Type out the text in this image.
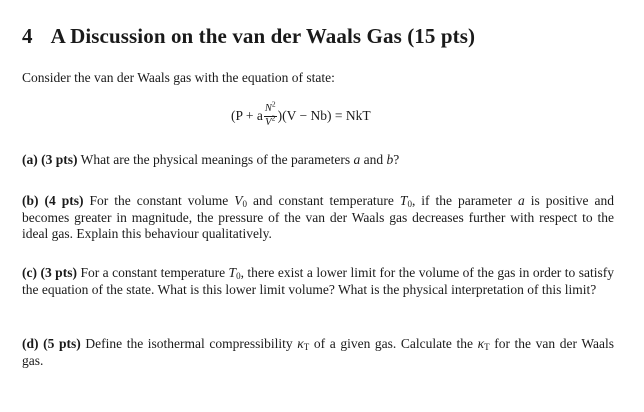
4 A Discussion on the van der Waals Gas (15 pts)
Consider the van der Waals gas with the equation of state:
(P + a $\frac{N^2}{V^2} )(V - Nb)$ = NkT
(a) (3 pts) What are the physical meanings of the parameters a and b?
(b) (4 pts) For the constant volume $V_0$ and constant temperature $T_0$, if the parameter a is positive and becomes greater in magnitude, the pressure of the van der Waals gas decreases further with respect to the ideal gas. Explain this behaviour qualitatively.
(c) (3 pts) For a constant temperature $T_0$, there exist a lower limit for the volume of the gas in order to satisfy the equation of the state. What is this lower limit volume? What is the physical interpretation of this limit?
(d) (5 pts) Define the isothermal compressibility $\kappa_T$ of a given gas. Calculate the $\kappa_T$ for the van der Waals gas.
